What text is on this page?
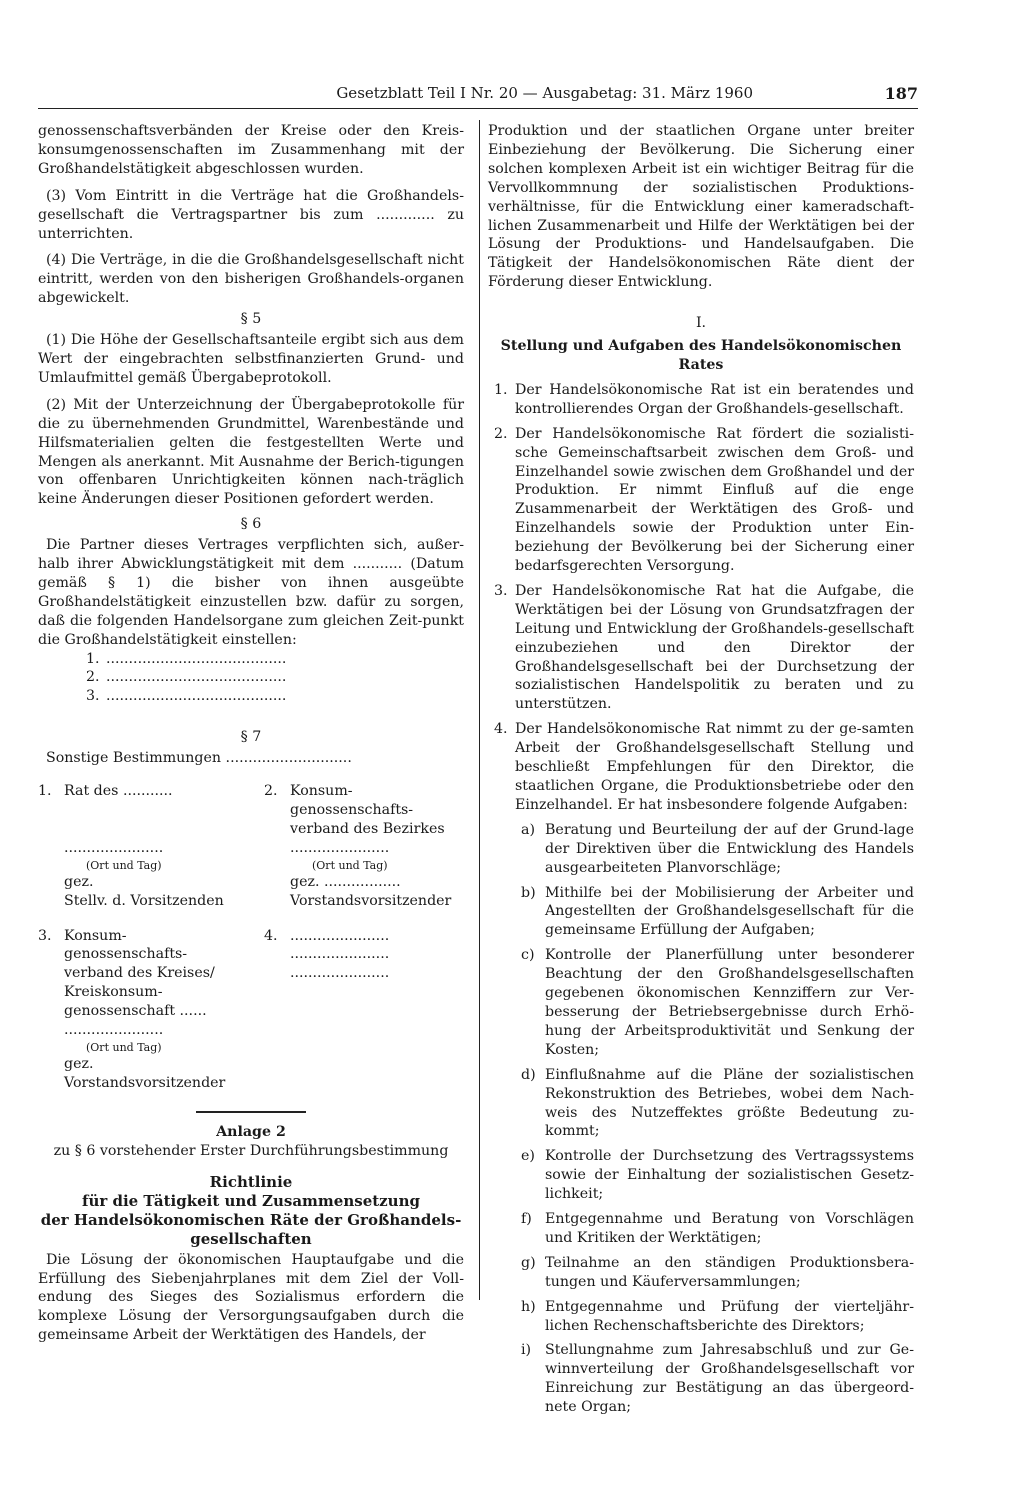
Gesetzblatt Teil I Nr. 20 — Ausgabetag: 31. März 1960	187

genossenschaftsverbänden der Kreise oder den Kreis-konsumgenossenschaften im Zusammenhang mit der Großhandelstätigkeit abgeschlossen wurden.

(3) Vom Eintritt in die Verträge hat die Großhandels-gesellschaft die Vertragspartner bis zum ............. zu unterrichten.

(4) Die Verträge, in die die Großhandelsgesellschaft nicht eintritt, werden von den bisherigen Großhandels-organen abgewickelt.

§ 5

(1) Die Höhe der Gesellschaftsanteile ergibt sich aus dem Wert der eingebrachten selbstfinanzierten Grund- und Umlaufmittel gemäß Übergabeprotokoll.

(2) Mit der Unterzeichnung der Übergabeprotokolle für die zu übernehmenden Grundmittel, Warenbestände und Hilfsmaterialien gelten die festgestellten Werte und Mengen als anerkannt. Mit Ausnahme der Berich-tigungen von offenbaren Unrichtigkeiten können nach-träglich keine Änderungen dieser Positionen gefordert werden.

§ 6

Die Partner dieses Vertrages verpflichten sich, außer-halb ihrer Abwicklungstätigkeit mit dem ........... (Datum gemäß § 1) die bisher von ihnen ausgeübte Großhandelstätigkeit einzustellen bzw. dafür zu sorgen, daß die folgenden Handelsorgane zum gleichen Zeit-punkt die Großhandelstätigkeit einstellen:

1. ........................................
2. ........................................
3. ........................................
§ 7

Sonstige Bestimmungen ............................

1. Rat des ...........

......................
(Ort und Tag)
gez.
Stellv. d. Vorsitzenden
2. Konsum-
genossenschafts-
verband des Bezirkes
......................
(Ort und Tag)
gez. .................
Vorstandsvorsitzender
3. Konsum-
genossenschafts-
verband des Kreises/
Kreiskonsum-
genossenschaft ......
......................
(Ort und Tag)
gez.
Vorstandsvorsitzender
4. ......................
......................
......................
Anlage 2
zu § 6 vorstehender Erster Durchführungsbestimmung
Richtlinie
für die Tätigkeit und Zusammensetzung
der Handelsökonomischen Räte der Großhandels-
gesellschaften

Die Lösung der ökonomischen Hauptaufgabe und die Erfüllung des Siebenjahrplanes mit dem Ziel der Voll-endung des Sieges des Sozialismus erfordern die komplexe Lösung der Versorgungsaufgaben durch die gemeinsame Arbeit der Werktätigen des Handels, der

Produktion und der staatlichen Organe unter breiter Einbeziehung der Bevölkerung. Die Sicherung einer solchen komplexen Arbeit ist ein wichtiger Beitrag für die Vervollkommnung der sozialistischen Produktions-verhältnisse, für die Entwicklung einer kameradschaft-lichen Zusammenarbeit und Hilfe der Werktätigen bei der Lösung der Produktions- und Handelsaufgaben. Die Tätigkeit der Handelsökonomischen Räte dient der Förderung dieser Entwicklung.

I.
Stellung und Aufgaben des Handelsökonomischen Rates
1. Der Handelsökonomische Rat ist ein beratendes und kontrollierendes Organ der Großhandels-gesellschaft.
2. Der Handelsökonomische Rat fördert die sozialisti-sche Gemeinschaftsarbeit zwischen dem Groß- und Einzelhandel sowie zwischen dem Großhandel und der Produktion. Er nimmt Einfluß auf die enge Zusammenarbeit der Werktätigen des Groß- und Einzelhandels sowie der Produktion unter Ein-beziehung der Bevölkerung bei der Sicherung einer bedarfsgerechten Versorgung.
3. Der Handelsökonomische Rat hat die Aufgabe, die Werktätigen bei der Lösung von Grundsatzfragen der Leitung und Entwicklung der Großhandels-gesellschaft einzubeziehen und den Direktor der Großhandelsgesellschaft bei der Durchsetzung der sozialistischen Handelspolitik zu beraten und zu unterstützen.
4. Der Handelsökonomische Rat nimmt zu der ge-samten Arbeit der Großhandelsgesellschaft Stellung und beschließt Empfehlungen für den Direktor, die staatlichen Organe, die Produktionsbetriebe oder den Einzelhandel. Er hat insbesondere folgende Aufgaben:
a) Beratung und Beurteilung der auf der Grund-lage der Direktiven über die Entwicklung des Handels ausgearbeiteten Planvorschläge;
b) Mithilfe bei der Mobilisierung der Arbeiter und Angestellten der Großhandelsgesellschaft für die gemeinsame Erfüllung der Aufgaben;
c) Kontrolle der Planerfüllung unter besonderer Beachtung der den Großhandelsgesellschaften gegebenen ökonomischen Kennziffern zur Ver-besserung der Betriebsergebnisse durch Erhö-hung der Arbeitsproduktivität und Senkung der Kosten;
d) Einflußnahme auf die Pläne der sozialistischen Rekonstruktion des Betriebes, wobei dem Nach-weis des Nutzeffektes größte Bedeutung zu-kommt;
e) Kontrolle der Durchsetzung des Vertragssystems sowie der Einhaltung der sozialistischen Gesetz-lichkeit;
f) Entgegennahme und Beratung von Vorschlägen und Kritiken der Werktätigen;
g) Teilnahme an den ständigen Produktionsbera-tungen und Käuferversammlungen;
h) Entgegennahme und Prüfung der vierteljähr-lichen Rechenschaftsberichte des Direktors;
i) Stellungnahme zum Jahresabschluß und zur Ge-winnverteilung der Großhandelsgesellschaft vor Einreichung zur Bestätigung an das übergeord-nete Organ;
